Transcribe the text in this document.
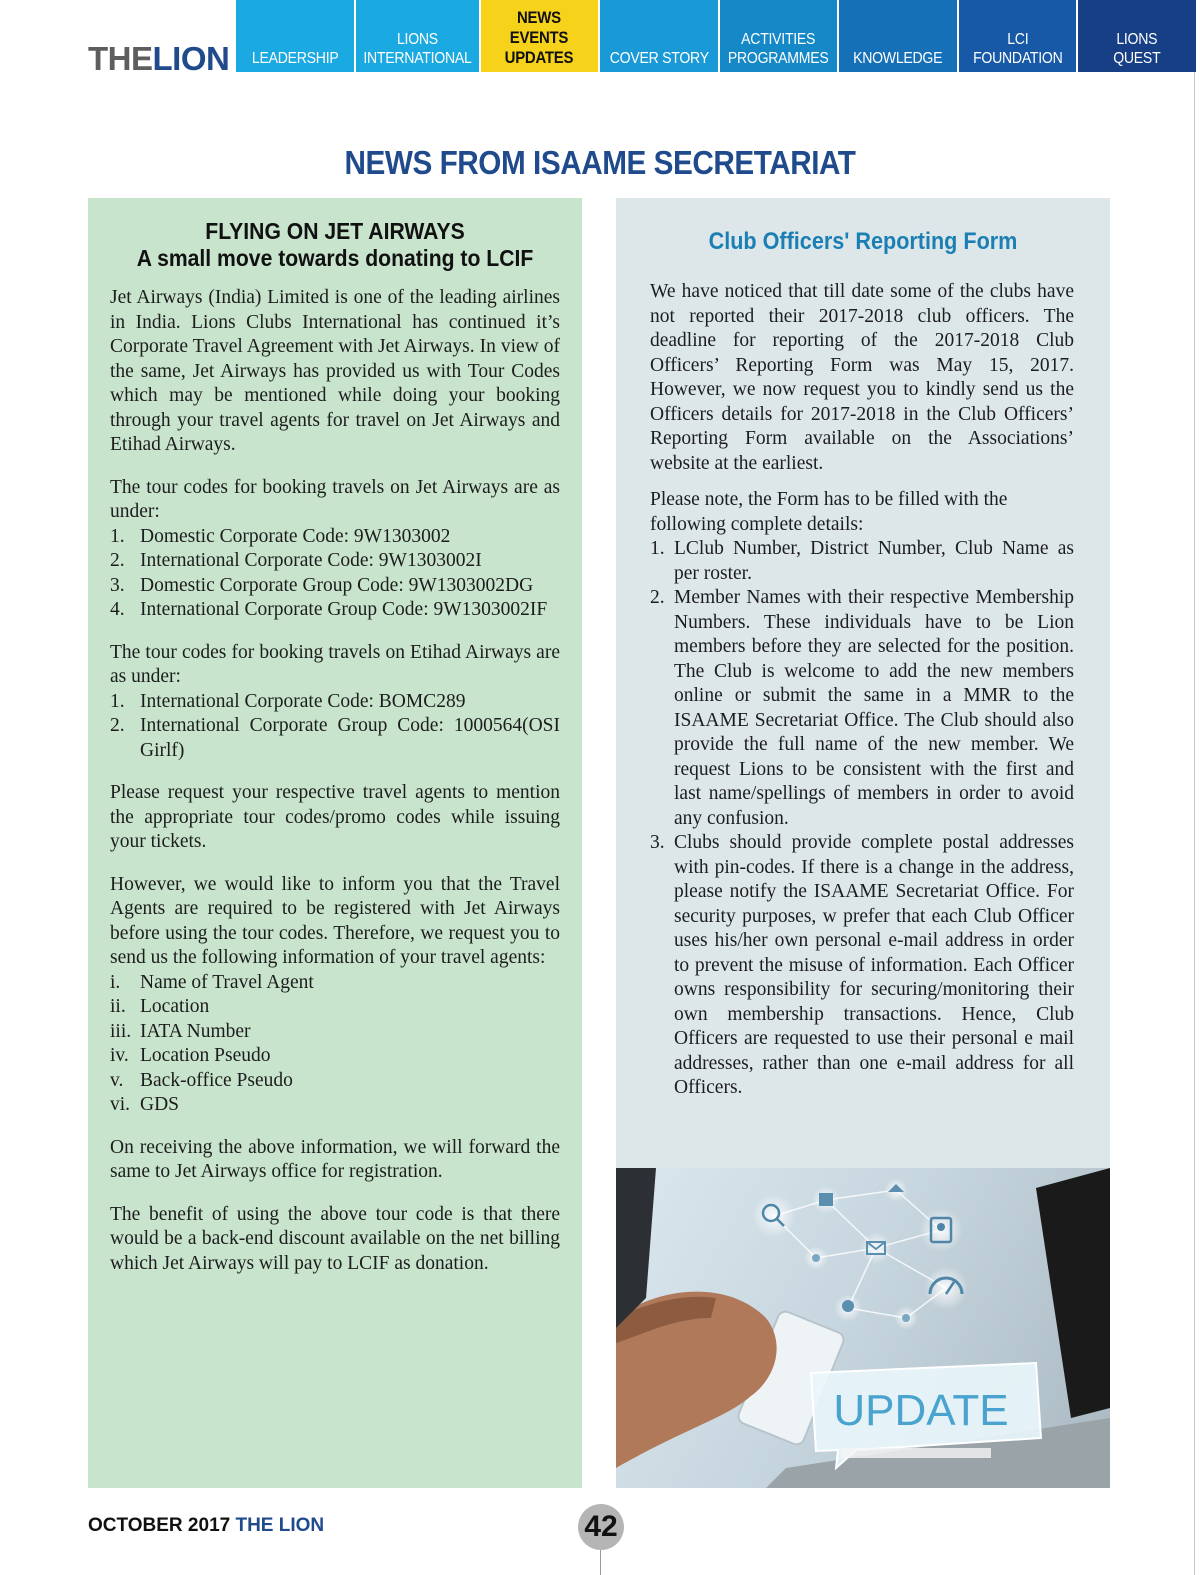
THELION LEADERSHIP
LIONS
INTERNATIONAL
NEWS
EVENTS
UPDATES COVER STORY
ACTIVITIES
PROGRAMMES KNOWLEDGE
LCI
FOUNDATION
LIONS
QUEST
NEWS FROM ISAAME SECRETARIAT
FLYING ON JET AIRWAYS
A small move towards donating to LCIF

Jet Airways (India) Limited is one of the leading airlines in India. Lions Clubs International has continued it’s Corporate Travel Agreement with Jet Airways. In view of the same, Jet Airways has provided us with Tour Codes which may be mentioned while doing your booking through your travel agents for travel on Jet Airways and Etihad Airways.

The tour codes for booking travels on Jet Airways are as under:

1. Domestic Corporate Code: 9W1303002
2. International Corporate Code: 9W1303002I
3. Domestic Corporate Group Code: 9W1303002DG
4. International Corporate Group Code: 9W1303002IF

The tour codes for booking travels on Etihad Airways are as under:

1. International Corporate Code: BOMC289
2. International Corporate Group Code: 1000564(OSI Girlf)

Please request your respective travel agents to mention the appropriate tour codes/promo codes while issuing your tickets.

However, we would like to inform you that the Travel Agents are required to be registered with Jet Airways before using the tour codes. Therefore, we request you to send us the following information of your travel agents:

i.	Name of Travel Agent
ii. Location
iii. IATA Number
iv. Location Pseudo
v. Back-office Pseudo
vi. GDS

On receiving the above information, we will forward the same to Jet Airways office for registration.

The benefit of using the above tour code is that there would be a back-end discount available on the net billing which Jet Airways will pay to LCIF as donation.

Club Officers' Reporting Form

We have noticed that till date some of the clubs have not reported their 2017-2018 club officers. The deadline for reporting of the 2017-2018 Club Officers’ Reporting Form was May 15, 2017. However, we now request you to kindly send us the Officers details for 2017-2018 in the Club Officers’ Reporting Form available on the Associations’ website at the earliest.

Please note, the Form has to be filled with the following complete details:

1. LClub Number, District Number, Club Name as per roster.
2. Member Names with their respective Membership Numbers. These individuals have to be Lion members before they are selected for the position. The Club is welcome to add the new members online or submit the same in a MMR to the ISAAME Secretariat Office. The Club should also provide the full name of the new member. We request Lions to be consistent with the first and last name/spellings of members in order to avoid any confusion.
3. Clubs should provide complete postal addresses with pin-codes. If there is a change in the address, please notify the ISAAME Secretariat Office. For security purposes, w prefer that each Club Officer uses his/her own personal e-mail address in order to prevent the misuse of information. Each Officer owns responsibility for securing/monitoring their own membership transactions. Hence, Club Officers are requested to use their personal e mail addresses, rather than one e-mail address for all Officers.
UPDATE
OCTOBER 2017 THE LION	42
